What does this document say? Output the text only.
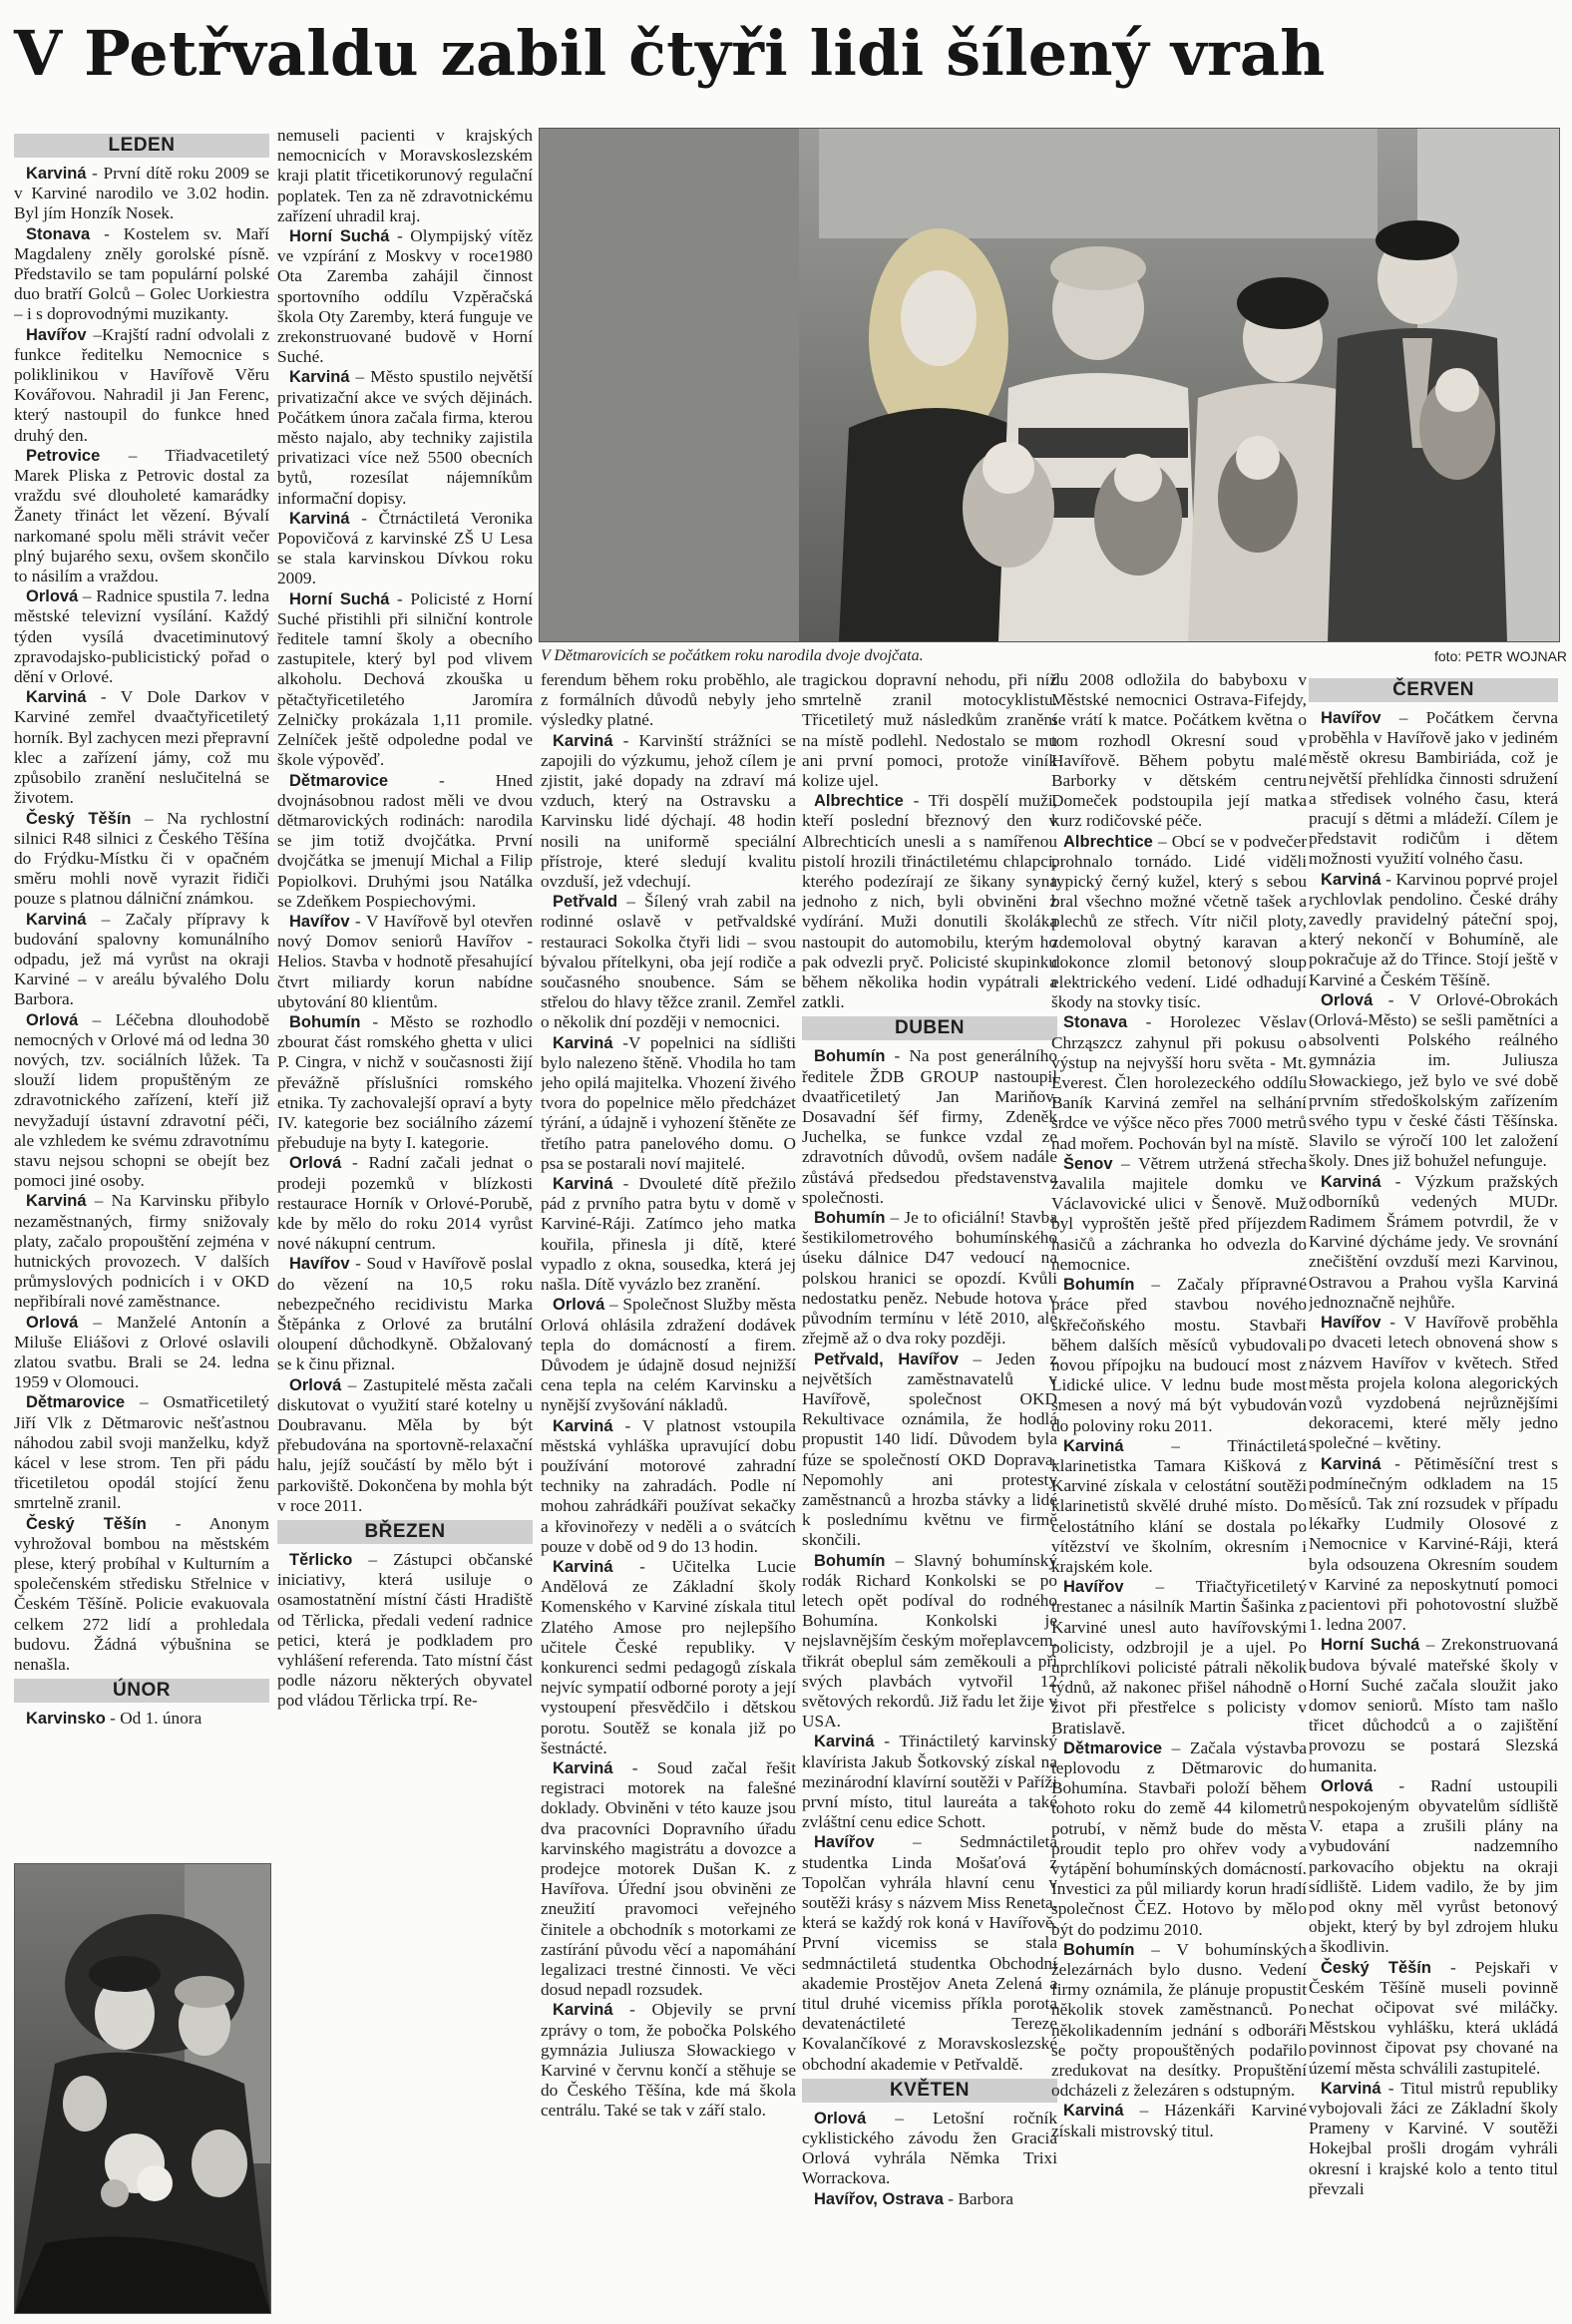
V Petřvaldu zabil čtyři lidi šílený vrah
LEDEN

Karviná - První dítě roku 2009 se v Karviné narodilo ve 3.02 hodin. Byl jím Honzík Nosek.

Stonava - Kostelem sv. Maří Magdaleny zněly gorolské písně. Představilo se tam populární polské duo bratří Golců – Golec Uorkiestra – i s doprovodnými muzikanty.

Havířov –Krajští radní odvolali z funkce ředitelku Nemocnice s poliklinikou v Havířově Věru Kovářovou. Nahradil ji Jan Ferenc, který nastoupil do funkce hned druhý den.

Petrovice – Třiadvacetiletý Marek Pliska z Petrovic dostal za vraždu své dlouholeté kamarádky Žanety třináct let vězení. Bývalí narkomané spolu měli strávit večer plný bujarého sexu, ovšem skončilo to násilím a vraždou.

Orlová – Radnice spustila 7. ledna městské televizní vysílání. Každý týden vysílá dvacetiminutový zpravodajsko-publicistický pořad o dění v Orlové.

Karviná - V Dole Darkov v Karviné zemřel dvaačtyřicetiletý horník. Byl zachycen mezi přepravní klec a zařízení jámy, což mu způsobilo zranění neslučitelná se životem.

Český Těšín – Na rychlostní silnici R48 silnici z Českého Těšína do Frýdku-Místku či v opačném směru mohli nově vyrazit řidiči pouze s platnou dálniční známkou.

Karviná – Začaly přípravy k budování spalovny komunálního odpadu, jež má vyrůst na okraji Karviné – v areálu bývalého Dolu Barbora.

Orlová – Léčebna dlouhodobě nemocných v Orlové má od ledna 30 nových, tzv. sociálních lůžek. Ta slouží lidem propuštěným ze zdravotnického zařízení, kteří již nevyžadují ústavní zdravotní péči, ale vzhledem ke svému zdravotnímu stavu nejsou schopni se obejít bez pomoci jiné osoby.

Karviná – Na Karvinsku přibylo nezaměstnaných, firmy snižovaly platy, začalo propouštění zejména v hutnických provozech. V dalších průmyslových podnicích i v OKD nepřibírali nové zaměstnance.

Orlová – Manželé Antonín a Miluše Eliášovi z Orlové oslavili zlatou svatbu. Brali se 24. ledna 1959 v Olomouci.

Dětmarovice – Osmatřicetiletý Jiří Vlk z Dětmarovic nešťastnou náhodou zabil svoji manželku, když kácel v lese strom. Ten při pádu třicetiletou opodál stojící ženu smrtelně zranil.

Český Těšín - Anonym vyhrožoval bombou na městském plese, který probíhal v Kulturním a společenském středisku Střelnice v Českém Těšíně. Policie evakuovala celkem 272 lidí a prohledala budovu. Žádná výbušnina se nenašla.

ÚNOR

Karvinsko - Od 1. února

nemuseli pacienti v krajských nemocnicích v Moravskoslezském kraji platit třicetikorunový regulační poplatek. Ten za ně zdravotnickému zařízení uhradil kraj.

Horní Suchá - Olympijský vítěz ve vzpírání z Moskvy v roce1980 Ota Zaremba zahájil činnost sportovního oddílu Vzpěračská škola Oty Zaremby, která funguje ve zrekonstruované budově v Horní Suché.

Karviná – Město spustilo největší privatizační akce ve svých dějinách. Počátkem února začala firma, kterou město najalo, aby techniky zajistila privatizaci více než 5500 obecních bytů, rozesílat nájemníkům informační dopisy.

Karviná - Čtrnáctiletá Veronika Popovičová z karvinské ZŠ U Lesa se stala karvinskou Dívkou roku 2009.

Horní Suchá - Policisté z Horní Suché přistihli při silniční kontrole ředitele tamní školy a obecního zastupitele, který byl pod vlivem alkoholu. Dechová zkouška u pětačtyřicetiletého Jaromíra Zelničky prokázala 1,11 promile. Zelníček ještě odpoledne podal ve škole výpověď.

Dětmarovice - Hned dvojnásobnou radost měli ve dvou dětmarovických rodinách: narodila se jim totiž dvojčátka. První dvojčátka se jmenují Michal a Filip Popiolkovi. Druhými jsou Natálka se Zdeňkem Pospiechovými.

Havířov - V Havířově byl otevřen nový Domov seniorů Havířov - Helios. Stavba v hodnotě přesahující čtvrt miliardy korun nabídne ubytování 80 klientům.

Bohumín - Město se rozhodlo zbourat část romského ghetta v ulici P. Cingra, v nichž v současnosti žijí převážně příslušníci romského etnika. Ty zachovalejší opraví a byty IV. kategorie bez sociálního zázemí přebuduje na byty I. kategorie.

Orlová - Radní začali jednat o prodeji pozemků v blízkosti restaurace Horník v Orlové-Porubě, kde by mělo do roku 2014 vyrůst nové nákupní centrum.

Havířov - Soud v Havířově poslal do vězení na 10,5 roku nebezpečného recidivistu Marka Štěpánka z Orlové za brutální oloupení důchodkyně. Obžalovaný se k činu přiznal.

Orlová – Zastupitelé města začali diskutovat o využití staré kotelny u Doubravanu. Měla by být přebudována na sportovně-relaxační halu, jejíž součástí by mělo být i parkoviště. Dokončena by mohla být v roce 2011.

BŘEZEN

Těrlicko – Zástupci občanské iniciativy, která usiluje o osamostatnění místní části Hradiště od Těrlicka, předali vedení radnice petici, která je podkladem pro vyhlášení referenda. Tato místní část podle názoru některých obyvatel pod vládou Těrlicka trpí. Re-

V Dětmarovicích se počátkem roku narodila dvoje dvojčata.	foto: PETR WOJNAR

ferendum během roku proběhlo, ale z formálních důvodů nebyly jeho výsledky platné.

Karviná - Karvinští strážníci se zapojili do výzkumu, jehož cílem je zjistit, jaké dopady na zdraví má vzduch, který na Ostravsku a Karvinsku lidé dýchají. 48 hodin nosili na uniformě speciální přístroje, které sledují kvalitu ovzduší, jež vdechují.

Petřvald – Šílený vrah zabil na rodinné oslavě v petřvaldské restauraci Sokolka čtyři lidi – svou bývalou přítelkyni, oba její rodiče a současného snoubence. Sám se střelou do hlavy těžce zranil. Zemřel o několik dní později v nemocnici.

Karviná -V popelnici na sídlišti bylo nalezeno štěně. Vhodila ho tam jeho opilá majitelka. Vhození živého tvora do popelnice mělo předcházet týrání, a údajně i vyhození štěněte ze třetího patra panelového domu. O psa se postarali noví majitelé.

Karviná - Dvouleté dítě přežilo pád z prvního patra bytu v domě v Karviné-Ráji. Zatímco jeho matka kouřila, přinesla ji dítě, které vypadlo z okna, sousedka, která jej našla. Dítě vyvázlo bez zranění.

Orlová – Společnost Služby města Orlová ohlásila zdražení dodávek tepla do domácností a firem. Důvodem je údajně dosud nejnižší cena tepla na celém Karvinsku a nynější zvyšování nákladů.

Karviná - V platnost vstoupila městská vyhláška upravující dobu používání motorové zahradní techniky na zahradách. Podle ní mohou zahrádkáři používat sekačky a křovinořezy v neděli a o svátcích pouze v době od 9 do 13 hodin.

Karviná - Učitelka Lucie Andělová ze Základní školy Komenského v Karviné získala titul Zlatého Amose pro nejlepšího učitele České republiky. V konkurenci sedmi pedagogů získala nejvíc sympatií odborné poroty a její vystoupení přesvědčilo i dětskou porotu. Soutěž se konala již po šestnácté.

Karviná - Soud začal řešit registraci motorek na falešné doklady. Obviněni v této kauze jsou dva pracovníci Dopravního úřadu karvinského magistrátu a dovozce a prodejce motorek Dušan K. z Havířova. Úřední jsou obviněni ze zneužití pravomoci veřejného činitele a obchodník s motorkami ze zastírání původu věcí a napomáhání legalizaci trestné činnosti. Ve věci dosud nepadl rozsudek.

Karviná - Objevily se první zprávy o tom, že pobočka Polského gymnázia Juliusza Słowackiego v Karviné v červnu končí a stěhuje se do Českého Těšína, kde má škola centrálu. Také se tak v září stalo.

tragickou dopravní nehodu, při níž smrtelně zranil motocyklistu. Třicetiletý muž následkům zranění na místě podlehl. Nedostalo se mu ani první pomoci, protože viník kolize ujel.

Albrechtice - Tři dospělí muži, kteří poslední březnový den v Albrechticích unesli a s namířenou pistolí hrozili třináctiletému chlapci, kterého podezírají ze šikany syna jednoho z nich, byli obviněni z vydírání. Muži donutili školáka nastoupit do automobilu, kterým ho pak odvezli pryč. Policisté skupinku během několika hodin vypátrali a zatkli.

DUBEN

Bohumín - Na post generálního ředitele ŽDB GROUP nastoupil dvaatřicetiletý Jan Mariňov. Dosavadní šéf firmy, Zdeněk Juchelka, se funkce vzdal ze zdravotních důvodů, ovšem nadále zůstává předsedou představenstva společnosti.

Bohumín – Je to oficiální! Stavba šestikilometrového bohumínského úseku dálnice D47 vedoucí na polskou hranici se opozdí. Kvůli nedostatku peněz. Nebude hotova v původním termínu v létě 2010, ale zřejmě až o dva roky později.

Petřvald, Havířov – Jeden z největších zaměstnavatelů v Havířově, společnost OKD Rekultivace oznámila, že hodlá propustit 140 lidí. Důvodem byla fúze se společností OKD Doprava. Nepomohly ani protesty zaměstnanců a hrozba stávky a lidé k poslednímu květnu ve firmě skončili.

Bohumín – Slavný bohumínský rodák Richard Konkolski se po letech opět podíval do rodného Bohumína. Konkolski je nejslavnějším českým mořeplavcem, třikrát obeplul sám zeměkouli a při svých plavbách vytvořil 12 světových rekordů. Již řadu let žije v USA.

Karviná - Třináctiletý karvinský klavírista Jakub Šotkovský získal na mezinárodní klavírní soutěži v Paříži první místo, titul laureáta a také zvláštní cenu edice Schott.

Havířov – Sedmnáctiletá studentka Linda Mošaťová z Topolčan vyhrála hlavní cenu v soutěži krásy s názvem Miss Reneta, která se každý rok koná v Havířově. První vicemiss se stala sedmnáctiletá studentka Obchodní akademie Prostějov Aneta Zelená a titul druhé vicemiss příkla porota devatenáctileté Tereze Kovalančíkové z Moravskoslezské obchodní akademie v Petřvaldě.

KVĚTEN

Orlová – Letošní ročník cyklistického závodu žen Gracia Orlová vyhrála Němka Trixi Worrackova.

Havířov, Ostrava - Barbora

du 2008 odložila do babyboxu v Městské nemocnici Ostrava-Fifejdy, se vrátí k matce. Počátkem května o tom rozhodl Okresní soud v Havířově. Během pobytu malé Barborky v dětském centru Domeček podstoupila její matka kurz rodičovské péče.

Albrechtice – Obcí se v podvečer prohnalo tornádo. Lidé viděli typický černý kužel, který s sebou bral všechno možné včetně tašek a plechů ze střech. Vítr ničil ploty, zdemoloval obytný karavan a dokonce zlomil betonový sloup elektrického vedení. Lidé odhadují škody na stovky tisíc.

Stonava - Horolezec Věslav Chrząszcz zahynul při pokusu o výstup na nejvyšší horu světa - Mt. Everest. Člen horolezeckého oddílu Baník Karviná zemřel na selhání srdce ve výšce něco přes 7000 metrů nad mořem. Pochován byl na místě.

Šenov – Větrem utržená střecha zavalila majitele domku ve Václavovické ulici v Šenově. Muž byl vyproštěn ještě před příjezdem hasičů a záchranka ho odvezla do nemocnice.

Bohumín – Začaly přípravné práce před stavbou nového skřečoňského mostu. Stavbaři během dalších měsíců vybudovali novou přípojku na budoucí most z Lidické ulice. V lednu bude most smesen a nový má být vybudován do poloviny roku 2011.

Karviná – Třináctiletá klarinetistka Tamara Kišková z Karviné získala v celostátní soutěži klarinetistů skvělé druhé místo. Do celostátního klání se dostala po vítězství ve školním, okresním i krajském kole.

Havířov – Třiačtyřicetiletý trestanec a násilník Martin Šašinka z Karviné unesl auto havířovskými policisty, odzbrojil je a ujel. Po uprchlíkovi policisté pátrali několik týdnů, až nakonec přišel náhodně o život při přestřelce s policisty v Bratislavě.

Dětmarovice – Začala výstavba teplovodu z Dětmarovic do Bohumína. Stavbaři položí během tohoto roku do země 44 kilometrů potrubí, v němž bude do města proudit teplo pro ohřev vody a vytápění bohumínských domácností. Investici za půl miliardy korun hradí společnost ČEZ. Hotovo by mělo být do podzimu 2010.

Bohumín – V bohumínských železárnách bylo dusno. Vedení firmy oznámila, že plánuje propustit několik stovek zaměstnanců. Po několikadenním jednání s odboráři se počty propouštěných podařilo zredukovat na desítky. Propuštění odcházeli z železáren s odstupným.

Karviná – Házenkáři Karviné získali mistrovský titul.

ČERVEN

Havířov – Počátkem června proběhla v Havířově jako v jediném městě okresu Bambiriáda, což je největší přehlídka činnosti sdružení a středisek volného času, která pracují s dětmi a mládeží. Cílem je představit rodičům i dětem možnosti využití volného času.

Karviná - Karvinou poprvé projel rychlovlak pendolino. České dráhy zavedly pravidelný páteční spoj, který nekončí v Bohumíně, ale pokračuje až do Třince. Stojí ještě v Karviné a Českém Těšíně.

Orlová - V Orlové-Obrokách (Orlová-Město) se sešli pamětníci a absolventi Polského reálného gymnázia im. Juliusza Słowackiego, jež bylo ve své době prvním středoškolským zařízením svého typu v české části Těšínska. Slavilo se výročí 100 let založení školy. Dnes již bohužel nefunguje.

Karviná - Výzkum pražských odborníků vedených MUDr. Radimem Šrámem potvrdil, že v Karviné dýcháme jedy. Ve srovnání znečištění ovzduší mezi Karvinou, Ostravou a Prahou vyšla Karviná jednoznačně nejhůře.

Havířov - V Havířově proběhla po dvaceti letech obnovená show s názvem Havířov v květech. Střed města projela kolona alegorických vozů vyzdobená nejrůznějšími dekoracemi, které měly jedno společné – květiny.

Karviná - Pětiměsíční trest s podmínečným odkladem na 15 měsíců. Tak zní rozsudek v případu lékařky Ľudmily Olosové z Nemocnice v Karviné-Ráji, která byla odsouzena Okresním soudem v Karviné za neposkytnutí pomoci pacientovi při pohotovostní službě 1. ledna 2007.

Horní Suchá – Zrekonstruovaná budova bývalé mateřské školy v Horní Suché začala sloužit jako domov seniorů. Místo tam našlo třicet důchodců a o zajištění provozu se postará Slezská humanita.

Orlová - Radní ustoupili nespokojeným obyvatelům sídliště V. etapa a zrušili plány na vybudování nadzemního parkovacího objektu na okraji sídliště. Lidem vadilo, že by jim pod okny měl vyrůst betonový objekt, který by byl zdrojem hluku a škodlivin.

Český Těšín - Pejskaři v Českém Těšíně museli povinně nechat očipovat své miláčky. Městskou vyhlášku, která ukládá povinnost čipovat psy chované na území města schválili zastupitelé.

Karviná - Titul mistrů republiky vybojovali žáci ze Základní školy Prameny v Karviné. V soutěži Hokejbal prošli drogám vyhráli okresní i krajské kolo a tento titul převzali
